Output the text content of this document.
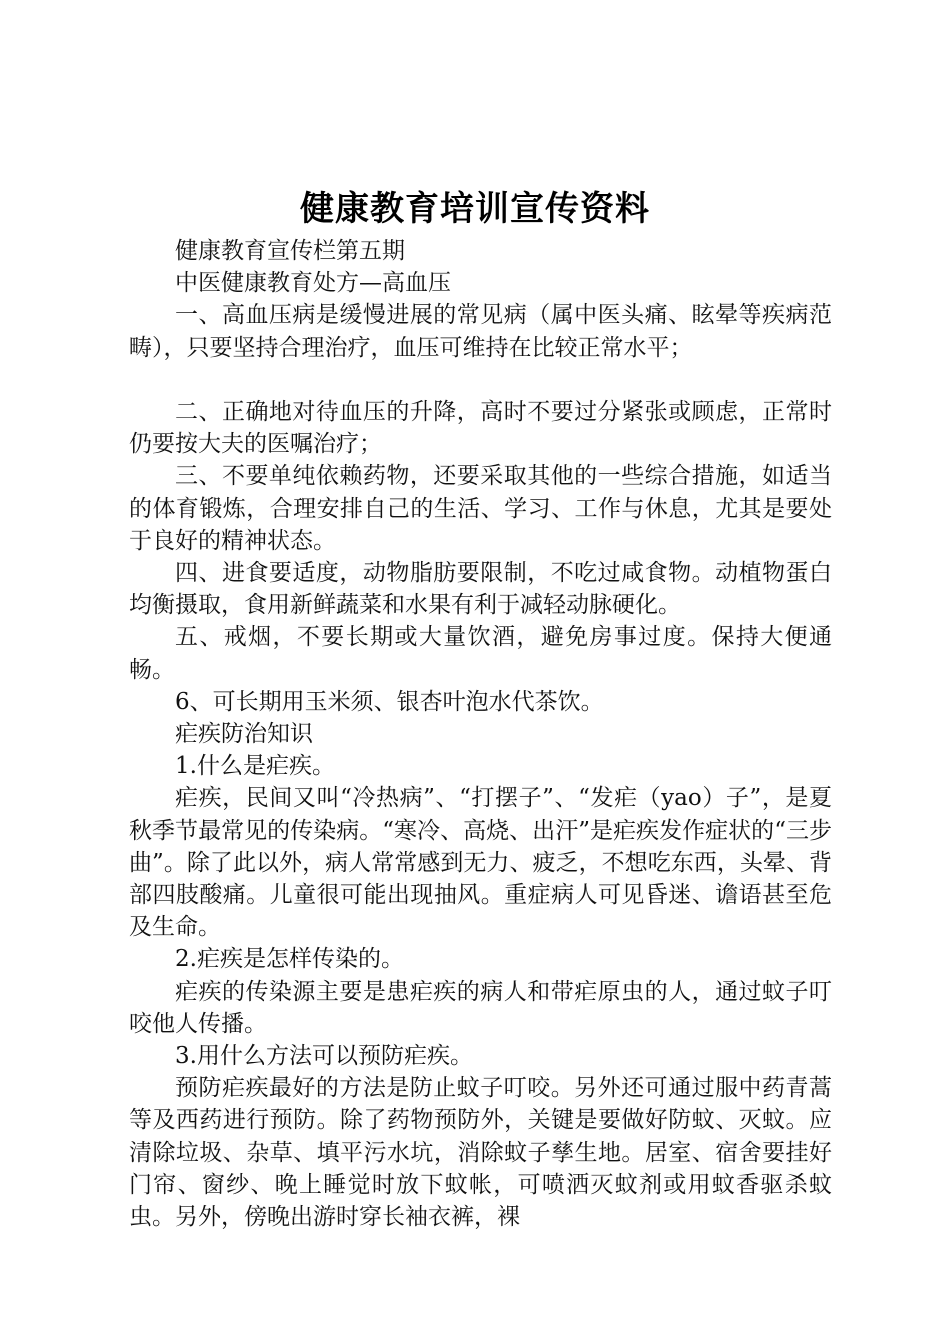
健康教育培训宣传资料

健康教育宣传栏第五期

中医健康教育处方—高血压

一、高血压病是缓慢进展的常见病（属中医头痛、眩晕等疾病范畴），只要坚持合理治疗，血压可维持在比较正常水平；

二、正确地对待血压的升降，高时不要过分紧张或顾虑，正常时仍要按大夫的医嘱治疗；

三、不要单纯依赖药物，还要采取其他的一些综合措施，如适当的体育锻炼，合理安排自己的生活、学习、工作与休息，尤其是要处于良好的精神状态。

四、进食要适度，动物脂肪要限制，不吃过咸食物。动植物蛋白均衡摄取，食用新鲜蔬菜和水果有利于减轻动脉硬化。

五、戒烟，不要长期或大量饮酒，避免房事过度。保持大便通畅。

6、可长期用玉米须、银杏叶泡水代茶饮。

疟疾防治知识

1.什么是疟疾。

疟疾，民间又叫“冷热病”、“打摆子”、“发疟（yao）子”，是夏秋季节最常见的传染病。“寒冷、高烧、出汗”是疟疾发作症状的“三步曲”。除了此以外，病人常常感到无力、疲乏，不想吃东西，头晕、背部四肢酸痛。儿童很可能出现抽风。重症病人可见昏迷、谵语甚至危及生命。

2.疟疾是怎样传染的。

疟疾的传染源主要是患疟疾的病人和带疟原虫的人，通过蚊子叮咬他人传播。

3.用什么方法可以预防疟疾。

预防疟疾最好的方法是防止蚊子叮咬。另外还可通过服中药青蒿等及西药进行预防。除了药物预防外，关键是要做好防蚊、灭蚊。应清除垃圾、杂草、填平污水坑，消除蚊子孳生地。居室、宿舍要挂好门帘、窗纱、晚上睡觉时放下蚊帐，可喷洒灭蚊剂或用蚊香驱杀蚊虫。另外，傍晚出游时穿长袖衣裤，裸
